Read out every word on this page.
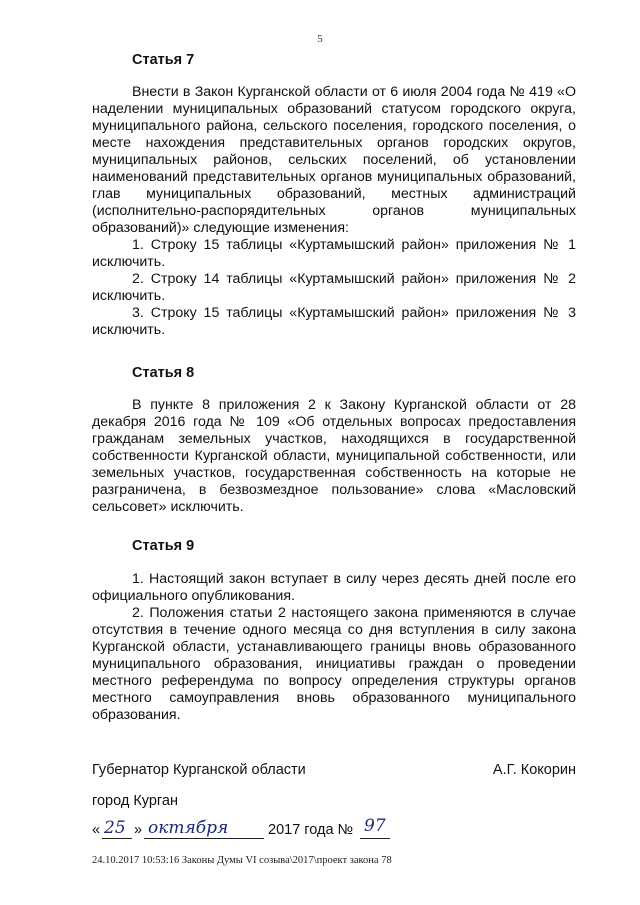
5
Статья 7

Внести в Закон Курганской области от 6 июля 2004 года № 419 «О наделении муниципальных образований статусом городского округа, муниципального района, сельского поселения, городского поселения, о месте нахождения представительных органов городских округов, муниципальных районов, сельских поселений, об установлении наименований представительных органов муниципальных образований, глав муниципальных образований, местных администраций (исполнительно-распорядительных органов муниципальных образований)» следующие изменения:

1. Строку 15 таблицы «Куртамышский район» приложения № 1 исключить.

2. Строку 14 таблицы «Куртамышский район» приложения № 2 исключить.

3. Строку 15 таблицы «Куртамышский район» приложения № 3 исключить.

Статья 8

В пункте 8 приложения 2 к Закону Курганской области от 28 декабря 2016 года № 109 «Об отдельных вопросах предоставления гражданам земельных участков, находящихся в государственной собственности Курганской области, муниципальной собственности, или земельных участков, государственная собственность на которые не разграничена, в безвозмездное пользование» слова «Масловский сельсовет» исключить.

Статья 9

1. Настоящий закон вступает в силу через десять дней после его официального опубликования.

2. Положения статьи 2 настоящего закона применяются в случае отсутствия в течение одного месяца со дня вступления в силу закона Курганской области, устанавливающего границы вновь образованного муниципального образования, инициативы граждан о проведении местного референдума по вопросу определения структуры органов местного самоуправления вновь образованного муниципального образования.

Губернатор Курганской области	А.Г. Кокорин
город Курган
« 25 » октября	2017 года № 97
24.10.2017 10:53:16 Законы Думы VI созыва\2017\проект закона 78
